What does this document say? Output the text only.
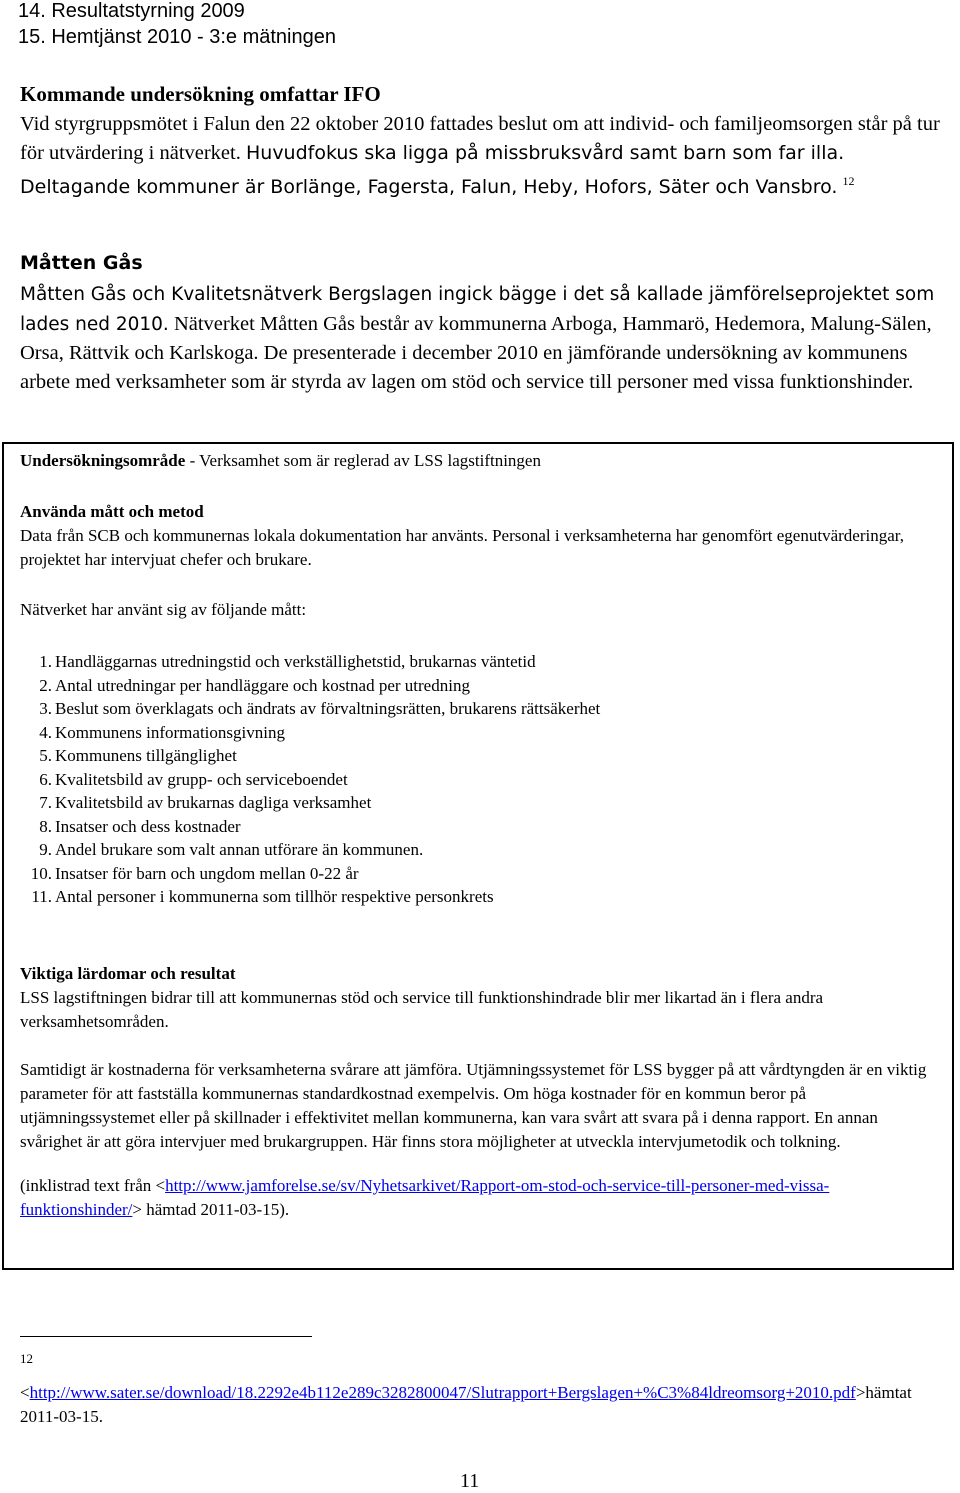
14. Resultatstyrning 2009
15. Hemtjänst 2010 - 3:e mätningen
Kommande undersökning omfattar IFO
Vid styrgruppsmötet i Falun den 22 oktober 2010 fattades beslut om att individ- och familjeomsorgen står på tur för utvärdering i nätverket. Huvudfokus ska ligga på missbruksvård samt barn som far illa. Deltagande kommuner är Borlänge, Fagersta, Falun, Heby, Hofors, Säter och Vansbro. $^{12}$
Måtten Gås
Måtten Gås och Kvalitetsnätverk Bergslagen ingick bägge i det så kallade jämförelseprojektet som lades ned 2010. Nätverket Måtten Gås består av kommunerna Arboga, Hammarö, Hedemora, Malung-Sälen, Orsa, Rättvik och Karlskoga. De presenterade i december 2010 en jämförande undersökning av kommunens arbete med verksamheter som är styrda av lagen om stöd och service till personer med vissa funktionshinder.
Undersökningsområde - Verksamhet som är reglerad av LSS lagstiftningen

Använda mått och metod

Data från SCB och kommunernas lokala dokumentation har använts. Personal i verksamheterna har genomfört egenutvärderingar, projektet har intervjuat chefer och brukare.

Nätverket har använt sig av följande mått:
1. Handläggarnas utredningstid och verkställighetstid, brukarnas väntetid
2. Antal utredningar per handläggare och kostnad per utredning
3. Beslut som överklagats och ändrats av förvaltningsrätten, brukarens rättsäkerhet
4. Kommunens informationsgivning
5. Kommunens tillgänglighet
6. Kvalitetsbild av grupp- och serviceboendet
7. Kvalitetsbild av brukarnas dagliga verksamhet
8. Insatser och dess kostnader
9. Andel brukare som valt annan utförare än kommunen.
10. Insatser för barn och ungdom mellan 0-22 år
11. Antal personer i kommunerna som tillhör respektive personkrets

Viktiga lärdomar och resultat

LSS lagstiftningen bidrar till att kommunernas stöd och service till funktionshindrade blir mer likartad än i flera andra verksamhetsområden.

Samtidigt är kostnaderna för verksamheterna svårare att jämföra. Utjämningssystemet för LSS bygger på att vårdtyngden är en viktig parameter för att fastställa kommunernas standardkostnad exempelvis. Om höga kostnader för en kommun beror på utjämningssystemet eller på skillnader i effektivitet mellan kommunerna, kan vara svårt att svara på i denna rapport. En annan svårighet är att göra intervjuer med brukargruppen. Här finns stora möjligheter at utveckla intervjumetodik och tolkning.

(inklistrad text från <http://www.jamforelse.se/sv/Nyhetsarkivet/Rapport-om-stod-och-service-till-personer-med-vissa-funktionshinder/> hämtad 2011-03-15).

12
<http://www.sater.se/download/18.2292e4b112e289c3282800047/Slutrapport+Bergslagen+%C3%84ldreomsorg+2010.pdf>hämtat 2011-03-15.
11
